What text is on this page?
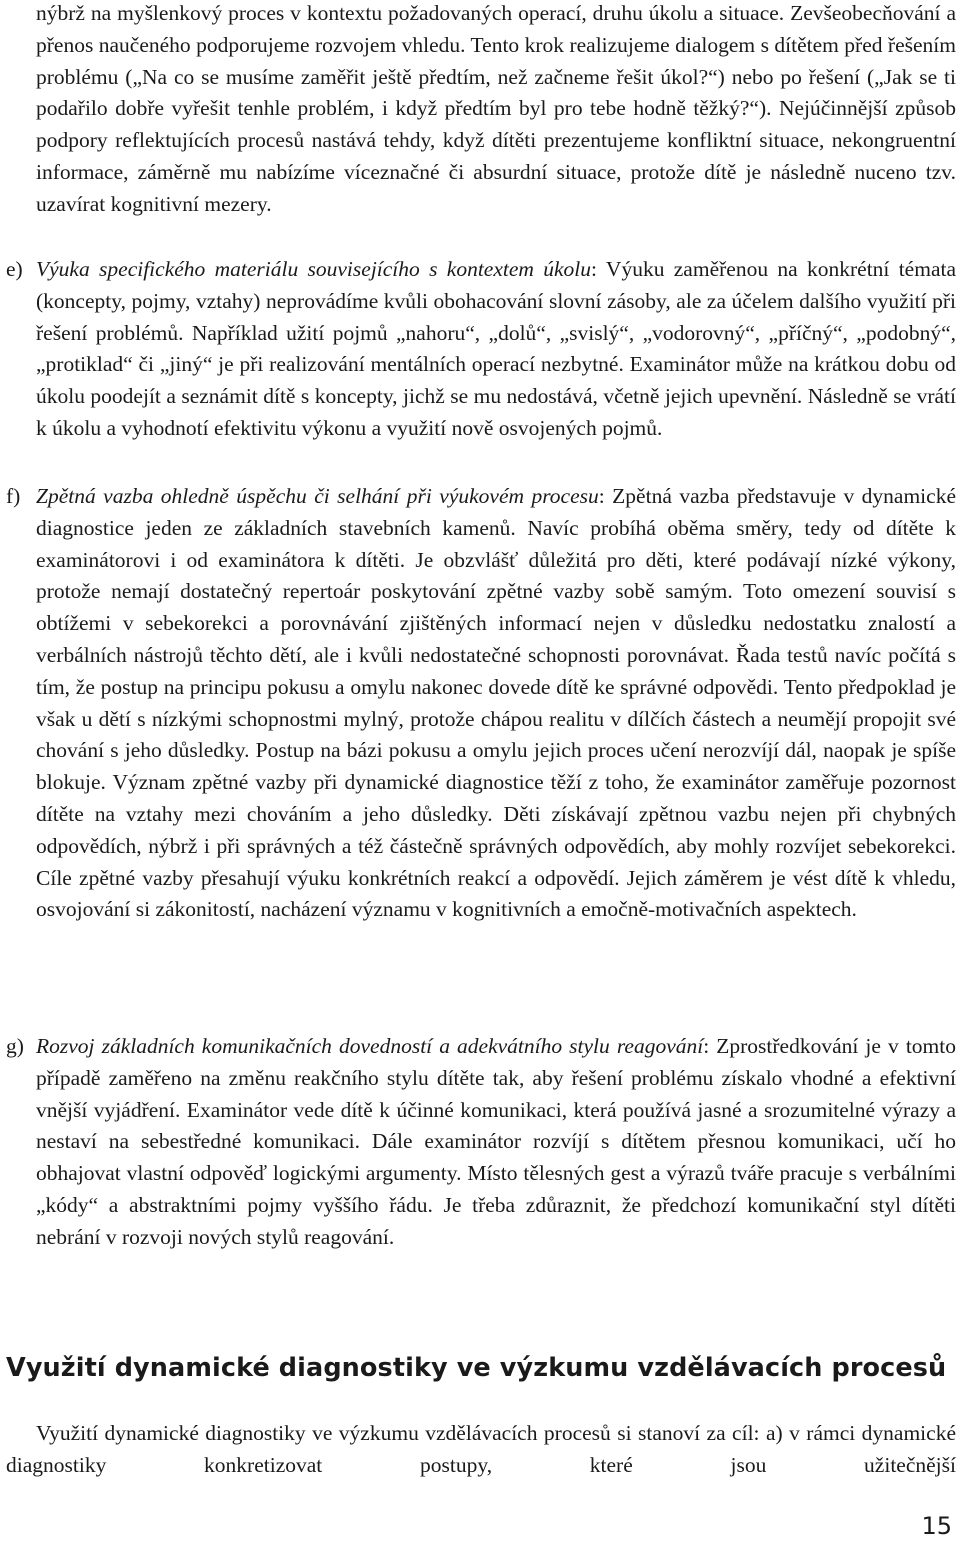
nýbrž na myšlenkový proces v kontextu požadovaných operací, druhu úkolu a situace. Zevšeobecňování a přenos naučeného podporujeme rozvojem vhledu. Tento krok realizujeme dialogem s dítětem před řešením problému („Na co se musíme zaměřit ještě předtím, než začneme řešit úkol?“) nebo po řešení („Jak se ti podařilo dobře vyřešit tenhle problém, i když předtím byl pro tebe hodně těžký?“). Nejúčinnější způsob podpory reflektujících procesů nastává tehdy, když dítěti prezentujeme konfliktní situace, nekongruentní informace, záměrně mu nabízíme víceznačné či absurdní situace, protože dítě je následně nuceno tzv. uzavírat kognitivní mezery.

e) Výuka specifického materiálu souvisejícího s kontextem úkolu: Výuku zaměřenou na konkrétní témata (koncepty, pojmy, vztahy) neprovádíme kvůli obohacování slovní zásoby, ale za účelem dalšího využití při řešení problémů. Například užití pojmů „nahoru“, „dolů“, „svislý“, „vodorovný“, „příčný“, „podobný“, „protiklad“ či „jiný“ je při realizování mentálních operací nezbytné. Examinátor může na krátkou dobu od úkolu poodejít a seznámit dítě s koncepty, jichž se mu nedostává, včetně jejich upevnění. Následně se vrátí k úkolu a vyhodnotí efektivitu výkonu a využití nově osvojených pojmů.

f) Zpětná vazba ohledně úspěchu či selhání při výukovém procesu: Zpětná vazba představuje v dynamické diagnostice jeden ze základních stavebních kamenů. Navíc probíhá oběma směry, tedy od dítěte k examinátorovi i od examinátora k dítěti. Je obzvlášť důležitá pro děti, které podávají nízké výkony, protože nemají dostatečný repertoár poskytování zpětné vazby sobě samým. Toto omezení souvisí s obtížemi v sebekorekci a porovnávání zjištěných informací nejen v důsledku nedostatku znalostí a verbálních nástrojů těchto dětí, ale i kvůli nedostatečné schopnosti porovnávat. Řada testů navíc počítá s tím, že postup na principu pokusu a omylu nakonec dovede dítě ke správné odpovědi. Tento předpoklad je však u dětí s nízkými schopnostmi mylný, protože chápou realitu v dílčích částech a neumějí propojit své chování s jeho důsledky. Postup na bázi pokusu a omylu jejich proces učení nerozvíjí dál, naopak je spíše blokuje. Význam zpětné vazby při dynamické diagnostice těží z toho, že examinátor zaměřuje pozornost dítěte na vztahy mezi chováním a jeho důsledky. Děti získávají zpětnou vazbu nejen při chybných odpovědích, nýbrž i při správných a též částečně správných odpovědích, aby mohly rozvíjet sebekorekci. Cíle zpětné vazby přesahují výuku konkrétních reakcí a odpovědí. Jejich záměrem je vést dítě k vhledu, osvojování si zákonitostí, nacházení významu v kognitivních a emočně-motivačních aspektech.

g) Rozvoj základních komunikačních dovedností a adekvátního stylu reagování: Zprostředkování je v tomto případě zaměřeno na změnu reakčního stylu dítěte tak, aby řešení problému získalo vhodné a efektivní vnější vyjádření. Examinátor vede dítě k účinné komunikaci, která používá jasné a srozumitelné výrazy a nestaví na sebestředné komunikaci. Dále examinátor rozvíjí s dítětem přesnou komunikaci, učí ho obhajovat vlastní odpověď logickými argumenty. Místo tělesných gest a výrazů tváře pracuje s verbálními „kódy“ a abstraktními pojmy vyššího řádu. Je třeba zdůraznit, že předchozí komunikační styl dítěti nebrání v rozvoji nových stylů reagování.

Využití dynamické diagnostiky ve výzkumu vzdělávacích procesů

Využití dynamické diagnostiky ve výzkumu vzdělávacích procesů si stanoví za cíl: a) v rámci dynamické diagnostiky konkretizovat postupy, které jsou užitečnější

15
